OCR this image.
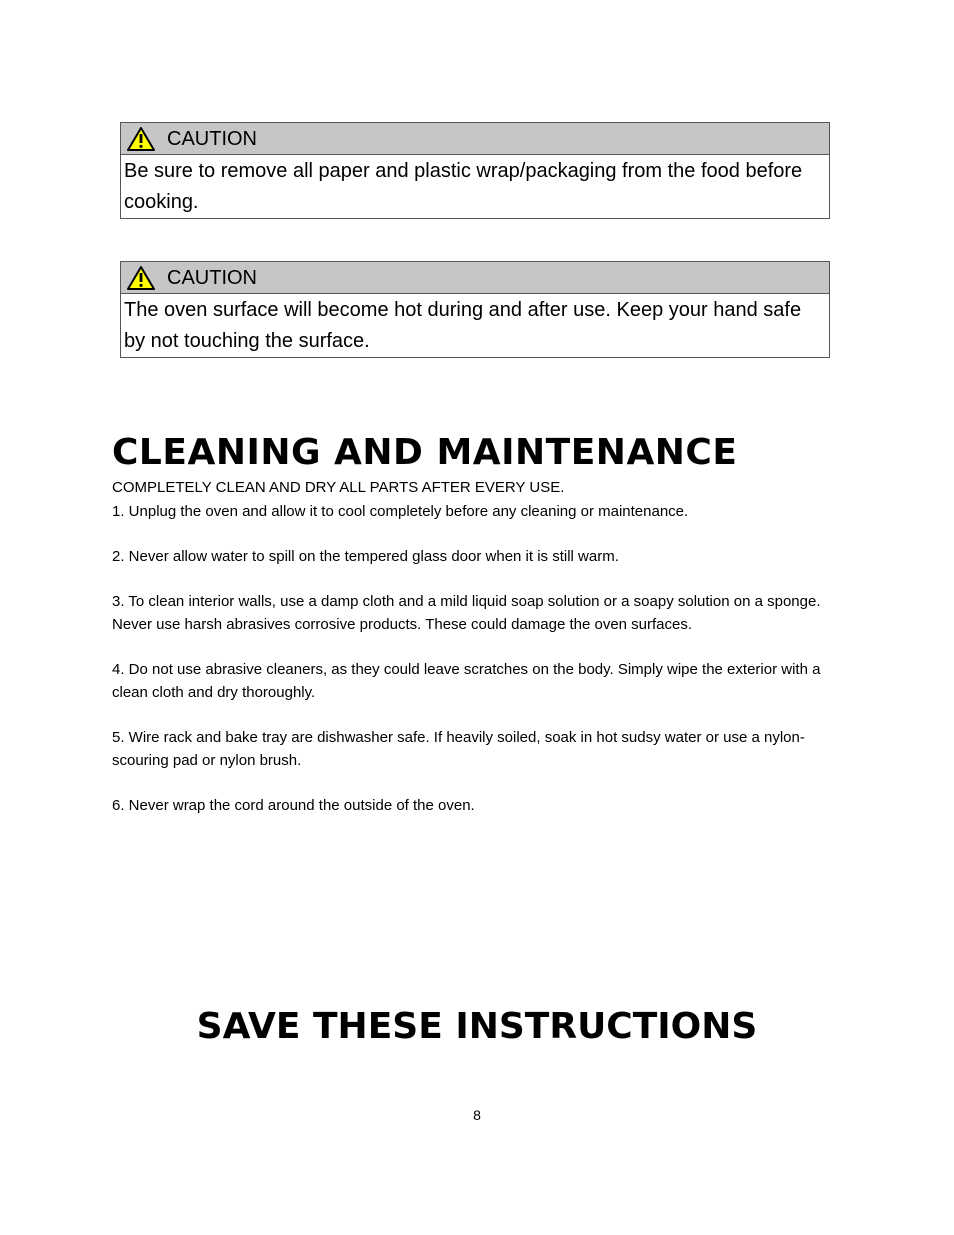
CAUTION
Be sure to remove all paper and plastic wrap/packaging from the food before cooking.
CAUTION
The oven surface will become hot during and after use. Keep your hand safe by not touching the surface.
CLEANING AND MAINTENANCE
COMPLETELY CLEAN AND DRY ALL PARTS AFTER EVERY USE.
1. Unplug the oven and allow it to cool completely before any cleaning or maintenance.
2. Never allow water to spill on the tempered glass door when it is still warm.
3. To clean interior walls, use a damp cloth and a mild liquid soap solution or a soapy solution on a sponge. Never use harsh abrasives corrosive products. These could damage the oven surfaces.
4. Do not use abrasive cleaners, as they could leave scratches on the body. Simply wipe the exterior with a clean cloth and dry thoroughly.
5. Wire rack and bake tray are dishwasher safe. If heavily soiled, soak in hot sudsy water or use a nylon-scouring pad or nylon brush.
6. Never wrap the cord around the outside of the oven.
SAVE THESE INSTRUCTIONS
8
